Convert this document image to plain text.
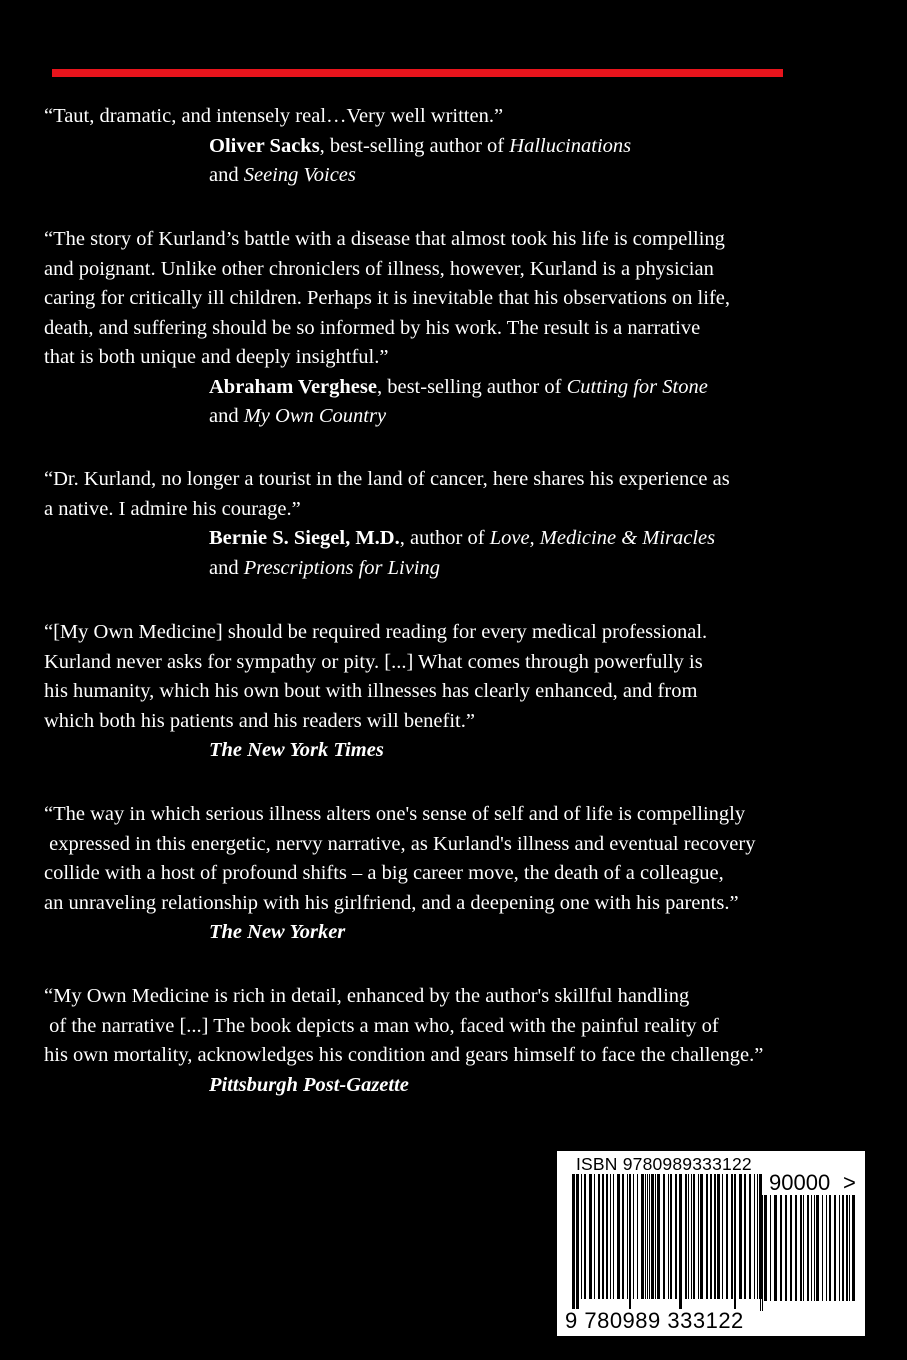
“Taut, dramatic, and intensely real…Very well written.”
Oliver Sacks, best-selling author of Hallucinations
and Seeing Voices
“The story of Kurland’s battle with a disease that almost took his life is compelling
and poignant. Unlike other chroniclers of illness, however, Kurland is a physician
caring for critically ill children. Perhaps it is inevitable that his observations on life,
death, and suffering should be so informed by his work. The result is a narrative
that is both unique and deeply insightful.”
Abraham Verghese, best-selling author of Cutting for Stone
and My Own Country
“Dr. Kurland, no longer a tourist in the land of cancer, here shares his experience as
a native. I admire his courage.”
Bernie S. Siegel, M.D., author of Love, Medicine & Miracles
and Prescriptions for Living
“[My Own Medicine] should be required reading for every medical professional.
Kurland never asks for sympathy or pity. [...] What comes through powerfully is
his humanity, which his own bout with illnesses has clearly enhanced, and from
which both his patients and his readers will benefit.”
The New York Times
“The way in which serious illness alters one's sense of self and of life is compellingly
expressed in this energetic, nervy narrative, as Kurland's illness and eventual recovery
collide with a host of profound shifts – a big career move, the death of a colleague,
an unraveling relationship with his girlfriend, and a deepening one with his parents.”
The New Yorker
“My Own Medicine is rich in detail, enhanced by the author's skillful handling
of the narrative [...] The book depicts a man who, faced with the painful reality of
his own mortality, acknowledges his condition and gears himself to face the challenge.”
Pittsburgh Post-Gazette
ISBN 9780989333122
90000 >
9 780989 333122
